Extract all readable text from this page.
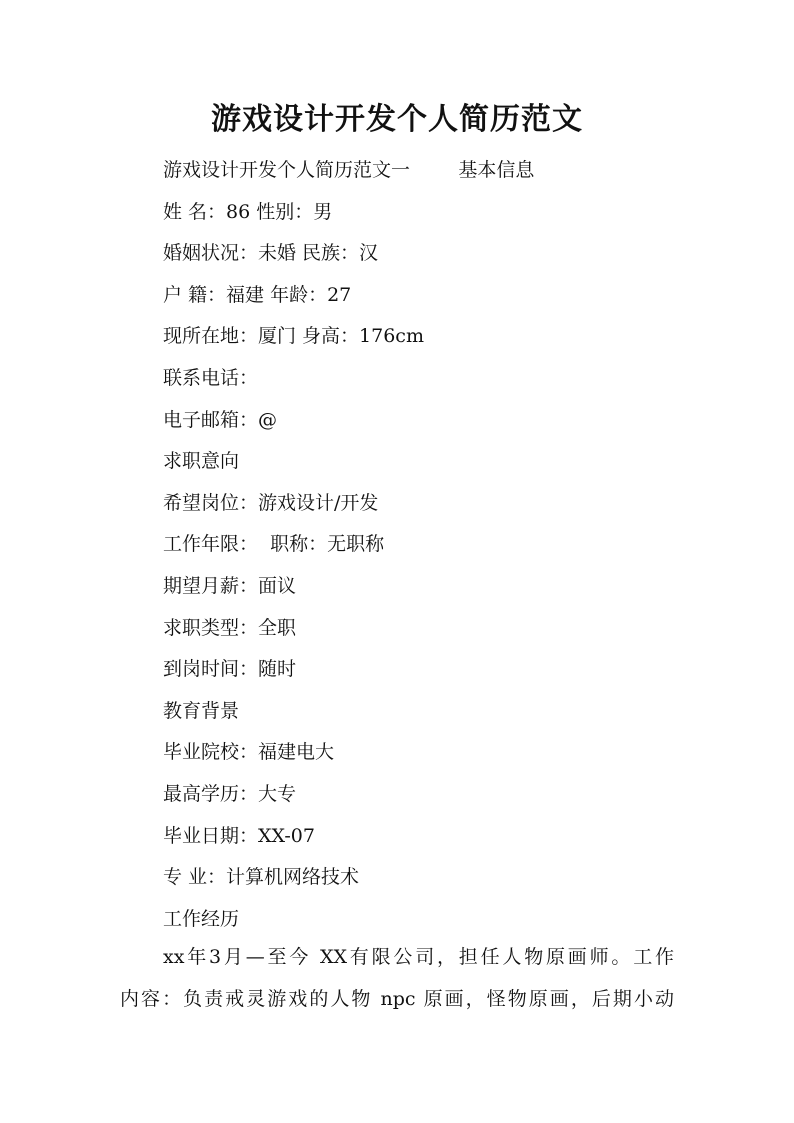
游戏设计开发个人简历范文
游戏设计开发个人简历范文一        基本信息
姓 名：86 性别：男
婚姻状况：未婚 民族：汉
户 籍：福建 年龄：27
现所在地：厦门 身高：176cm
联系电话：
电子邮箱：@
求职意向
希望岗位：游戏设计/开发
工作年限：  职称：无职称
期望月薪：面议
求职类型：全职
到岗时间：随时
教育背景
毕业院校：福建电大
最高学历：大专
毕业日期：XX-07
专 业：计算机网络技术
工作经历
xx年3月—至今 XX有限公司，担任人物原画师。工作
内容：负责戒灵游戏的人物 npc 原画，怪物原画，后期小动
